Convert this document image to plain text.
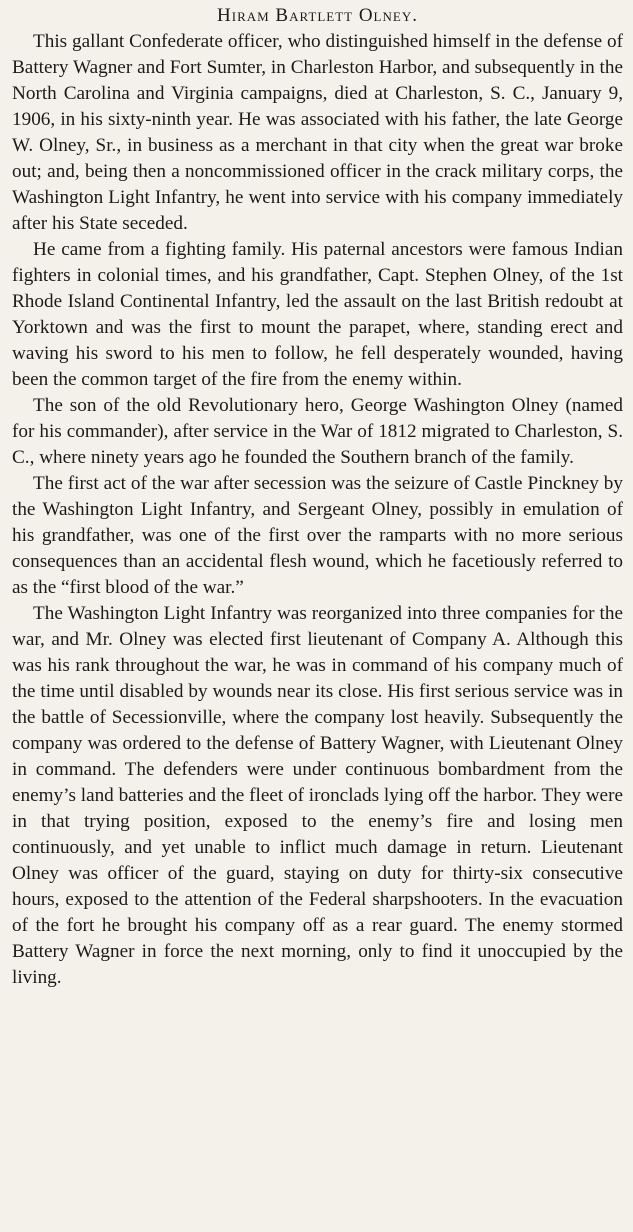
Hiram Bartlett Olney.

This gallant Confederate officer, who distinguished himself in the defense of Battery Wagner and Fort Sumter, in Charleston Harbor, and subsequently in the North Carolina and Virginia campaigns, died at Charleston, S. C., January 9, 1906, in his sixty-ninth year. He was associated with his father, the late George W. Olney, Sr., in business as a merchant in that city when the great war broke out; and, being then a noncommissioned officer in the crack military corps, the Washington Light Infantry, he went into service with his company immediately after his State seceded.

He came from a fighting family. His paternal ancestors were famous Indian fighters in colonial times, and his grandfather, Capt. Stephen Olney, of the 1st Rhode Island Continental Infantry, led the assault on the last British redoubt at Yorktown and was the first to mount the parapet, where, standing erect and waving his sword to his men to follow, he fell desperately wounded, having been the common target of the fire from the enemy within.

The son of the old Revolutionary hero, George Washington Olney (named for his commander), after service in the War of 1812 migrated to Charleston, S. C., where ninety years ago he founded the Southern branch of the family.

The first act of the war after secession was the seizure of Castle Pinckney by the Washington Light Infantry, and Sergeant Olney, possibly in emulation of his grandfather, was one of the first over the ramparts with no more serious consequences than an accidental flesh wound, which he facetiously referred to as the “first blood of the war.”

The Washington Light Infantry was reorganized into three companies for the war, and Mr. Olney was elected first lieutenant of Company A. Although this was his rank throughout the war, he was in command of his company much of the time until disabled by wounds near its close. His first serious service was in the battle of Secessionville, where the company lost heavily. Subsequently the company was ordered to the defense of Battery Wagner, with Lieutenant Olney in command. The defenders were under continuous bombardment from the enemy’s land batteries and the fleet of ironclads lying off the harbor. They were in that trying position, exposed to the enemy’s fire and losing men continuously, and yet unable to inflict much damage in return. Lieutenant Olney was officer of the guard, staying on duty for thirty-six consecutive hours, exposed to the attention of the Federal sharpshooters. In the evacuation of the fort he brought his company off as a rear guard. The enemy stormed Battery Wagner in force the next morning, only to find it unoccupied by the living.
